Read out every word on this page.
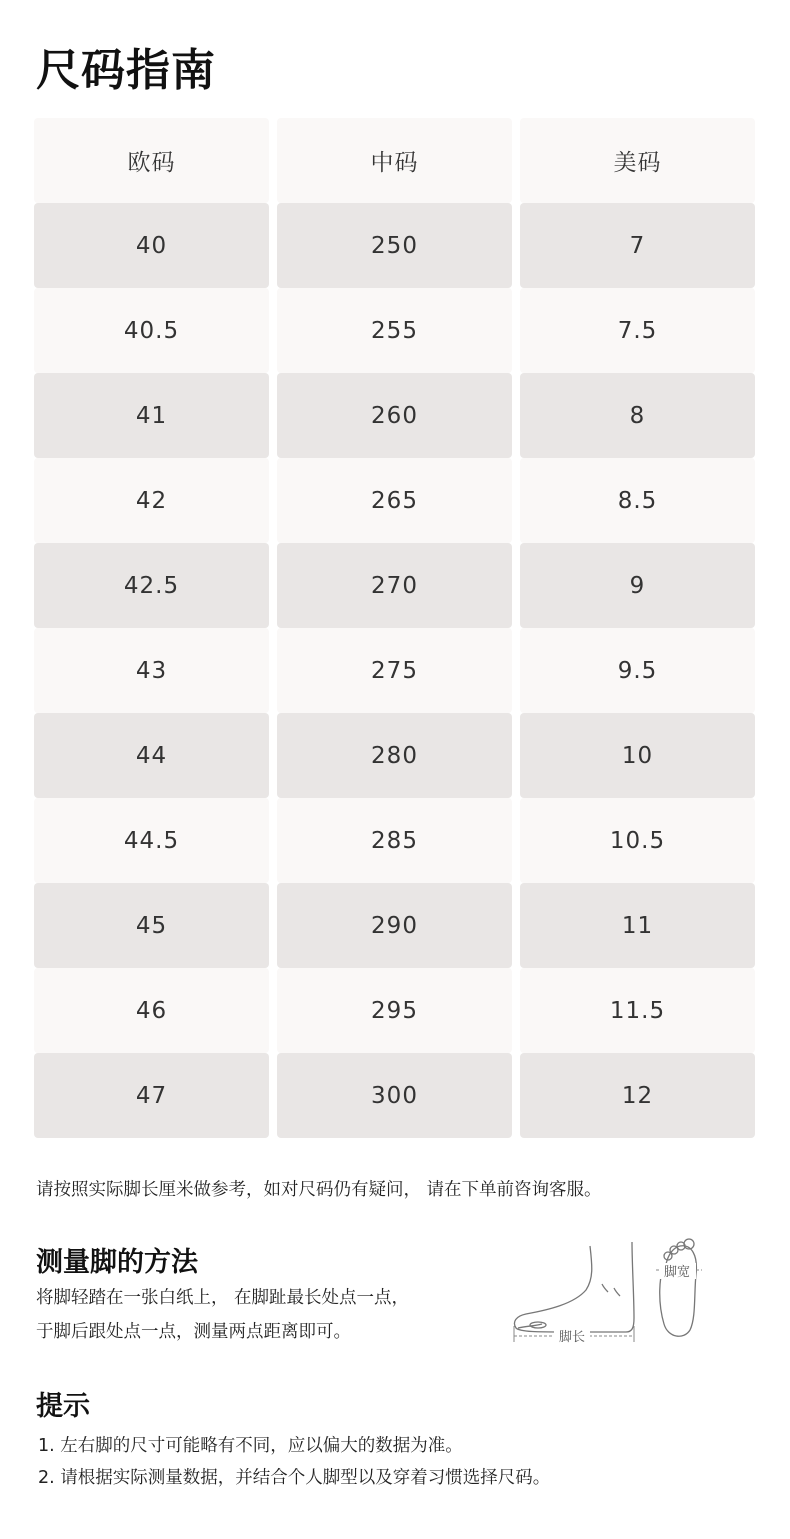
尺码指南
欧码	中码	美码
40	250	7
40.5	255	7.5
41	260	8
42	265	8.5
42.5	270	9
43	275	9.5
44	280	10
44.5	285	10.5
45	290	11
46	295	11.5
47	300	12
请按照实际脚长厘米做参考，如对尺码仍有疑问， 请在下单前咨询客服。
测量脚的方法
将脚轻踏在一张白纸上， 在脚趾最长处点一点，
于脚后跟处点一点，测量两点距离即可。	脚长
脚宽
提示
1. 左右脚的尺寸可能略有不同，应以偏大的数据为准。
2. 请根据实际测量数据，并结合个人脚型以及穿着习惯选择尺码。
